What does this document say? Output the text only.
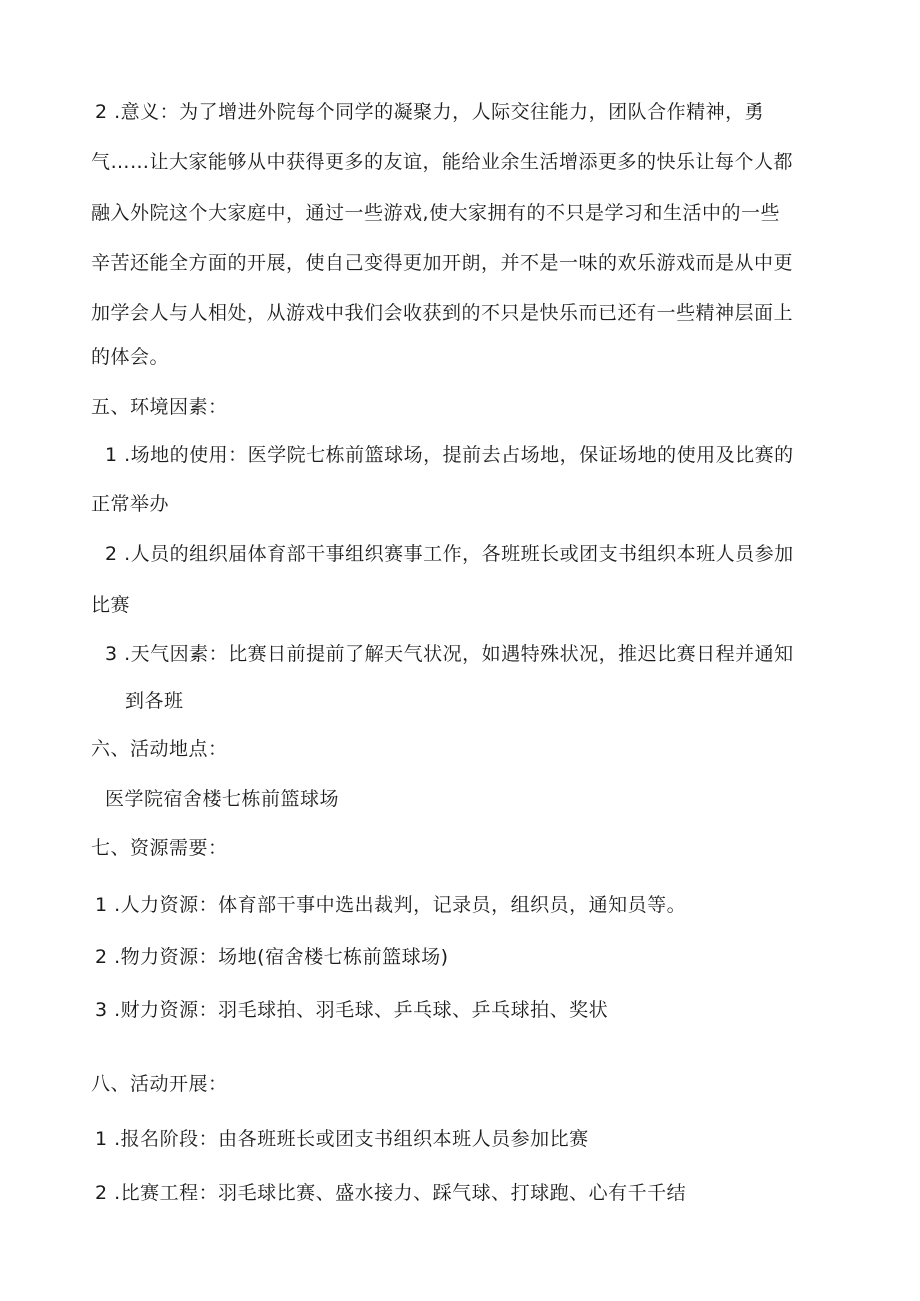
2 .意义：为了增进外院每个同学的凝聚力，人际交往能力，团队合作精神，勇
气……让大家能够从中获得更多的友谊，能给业余生活增添更多的快乐让每个人都
融入外院这个大家庭中，通过一些游戏,使大家拥有的不只是学习和生活中的一些
辛苦还能全方面的开展，使自己变得更加开朗，并不是一味的欢乐游戏而是从中更
加学会人与人相处，从游戏中我们会收获到的不只是快乐而已还有一些精神层面上
的体会。
五、环境因素：
1 .场地的使用：医学院七栋前篮球场，提前去占场地，保证场地的使用及比赛的
正常举办
2 .人员的组织届体育部干事组织赛事工作，各班班长或团支书组织本班人员参加
比赛
3 .天气因素：比赛日前提前了解天气状况，如遇特殊状况，推迟比赛日程并通知
到各班
六、活动地点：
医学院宿舍楼七栋前篮球场
七、资源需要：
1 .人力资源：体育部干事中选出裁判，记录员，组织员，通知员等。
2 .物力资源：场地(宿舍楼七栋前篮球场)
3 .财力资源：羽毛球拍、羽毛球、乒乓球、乒乓球拍、奖状
八、活动开展：
1 .报名阶段：由各班班长或团支书组织本班人员参加比赛
2 .比赛工程：羽毛球比赛、盛水接力、踩气球、打球跑、心有千千结
